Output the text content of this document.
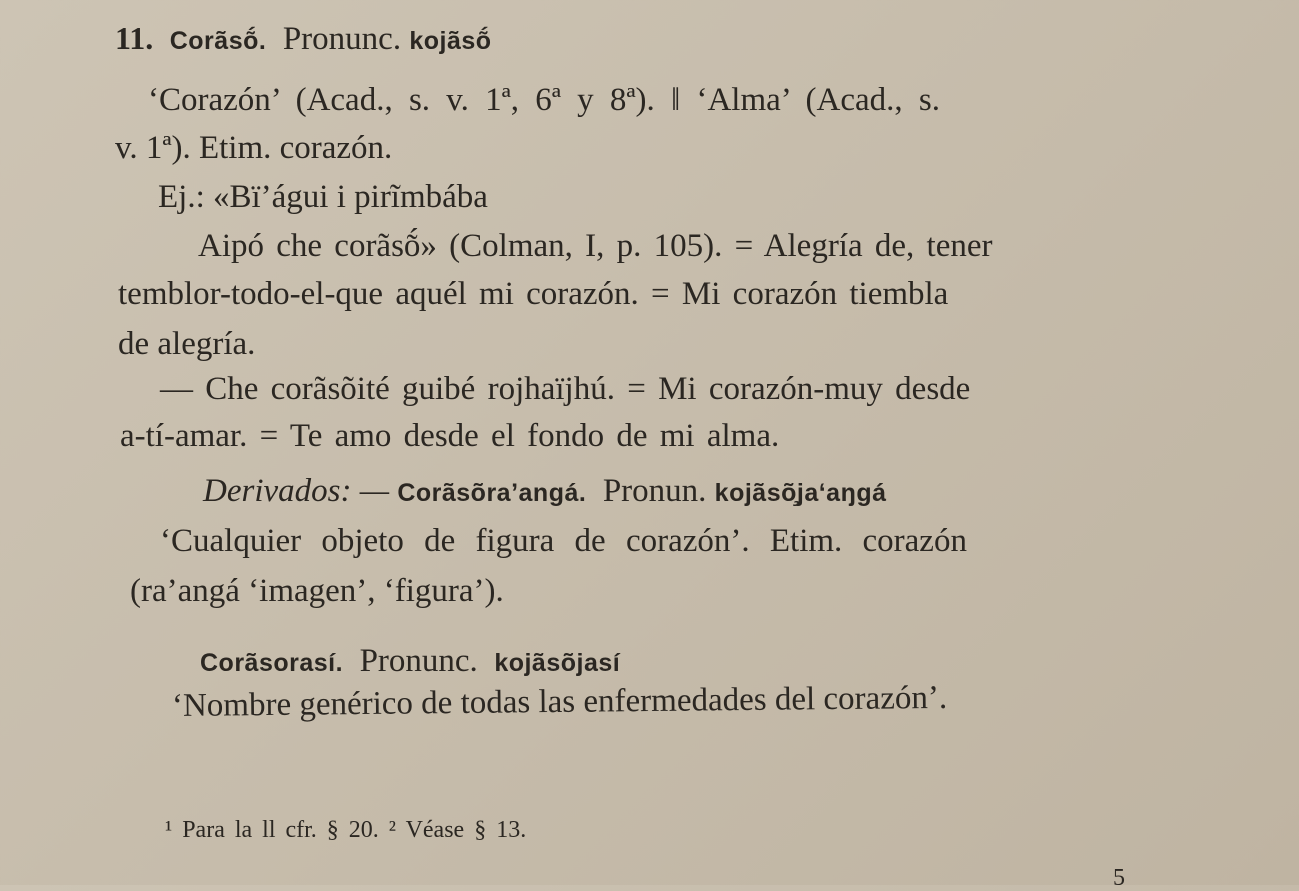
11. Corãsṍ. Pronunc. kojãsṍ
‘Corazón’ (Acad., s. v. 1ª, 6ª y 8ª). ‖ ‘Alma’ (Acad., s.
v. 1ª). Etim. corazón.
Ej.: «Bï’águi i pirĩmbába
Aipó che corãsṍ» (Colman, I, p. 105). = Alegría de, tener
temblor-todo-el-que aquél mi corazón. = Mi corazón tiembla
de alegría.
— Che corãsõité guibé rojhaïjhú. = Mi corazón-muy desde
a-tí-amar. = Te amo desde el fondo de mi alma.
Derivados: — Corãsõra’angá. Pronun. kojãsõ̧ja‘aŋgá
‘Cualquier objeto de figura de corazón’. Etim. corazón
(ra’angá ‘imagen’, ‘figura’).
Corãsorasí. Pronunc. kojãsõjasí
‘Nombre genérico de todas las enfermedades del corazón’.
¹ Para la ll cfr. § 20. ² Véase § 13.
5
